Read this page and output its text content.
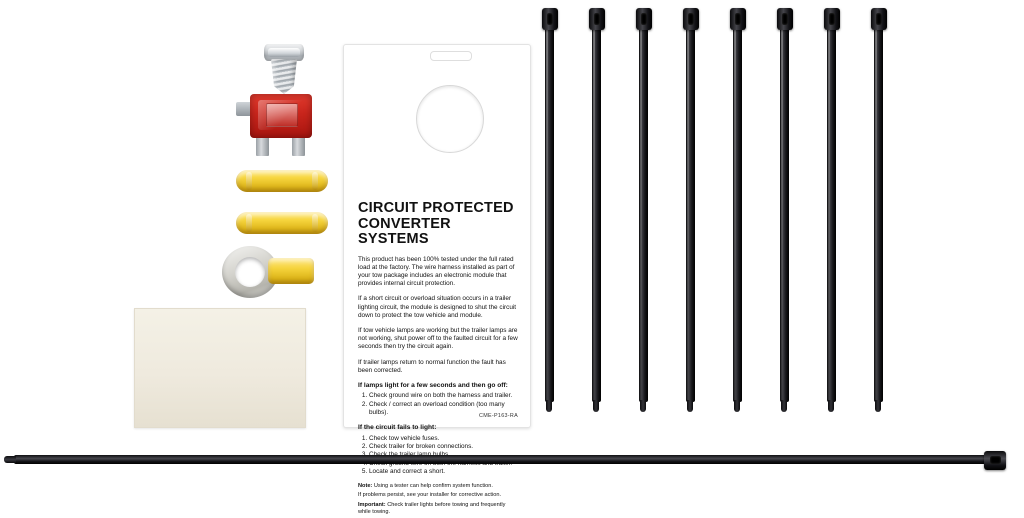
CIRCUIT PROTECTED
CONVERTER SYSTEMS

This product has been 100% tested under the full rated load at the factory. The wire harness installed as part of your tow package includes an electronic module that provides internal circuit protection.

If a short circuit or overload situation occurs in a trailer lighting circuit, the module is designed to shut the circuit down to protect the tow vehicle and module.

If tow vehicle lamps are working but the trailer lamps are not working, shut power off to the faulted circuit for a few seconds then try the circuit again.

If trailer lamps return to normal function the fault has been corrected.

If lamps light for a few seconds and then go off:
1. Check ground wire on both the harness and trailer.
2. Check / correct an overload condition (too many bulbs).
If the circuit fails to light:
1. Check tow vehicle fuses.
2. Check trailer for broken connections.
3.
4.
5. Locate and correct a short.
Note: Using a tester can help confirm system function.
If problems persist, see your installer for corrective action.
Important: Check trailer lights before towing and frequently while towing.
CME-P163-RA
